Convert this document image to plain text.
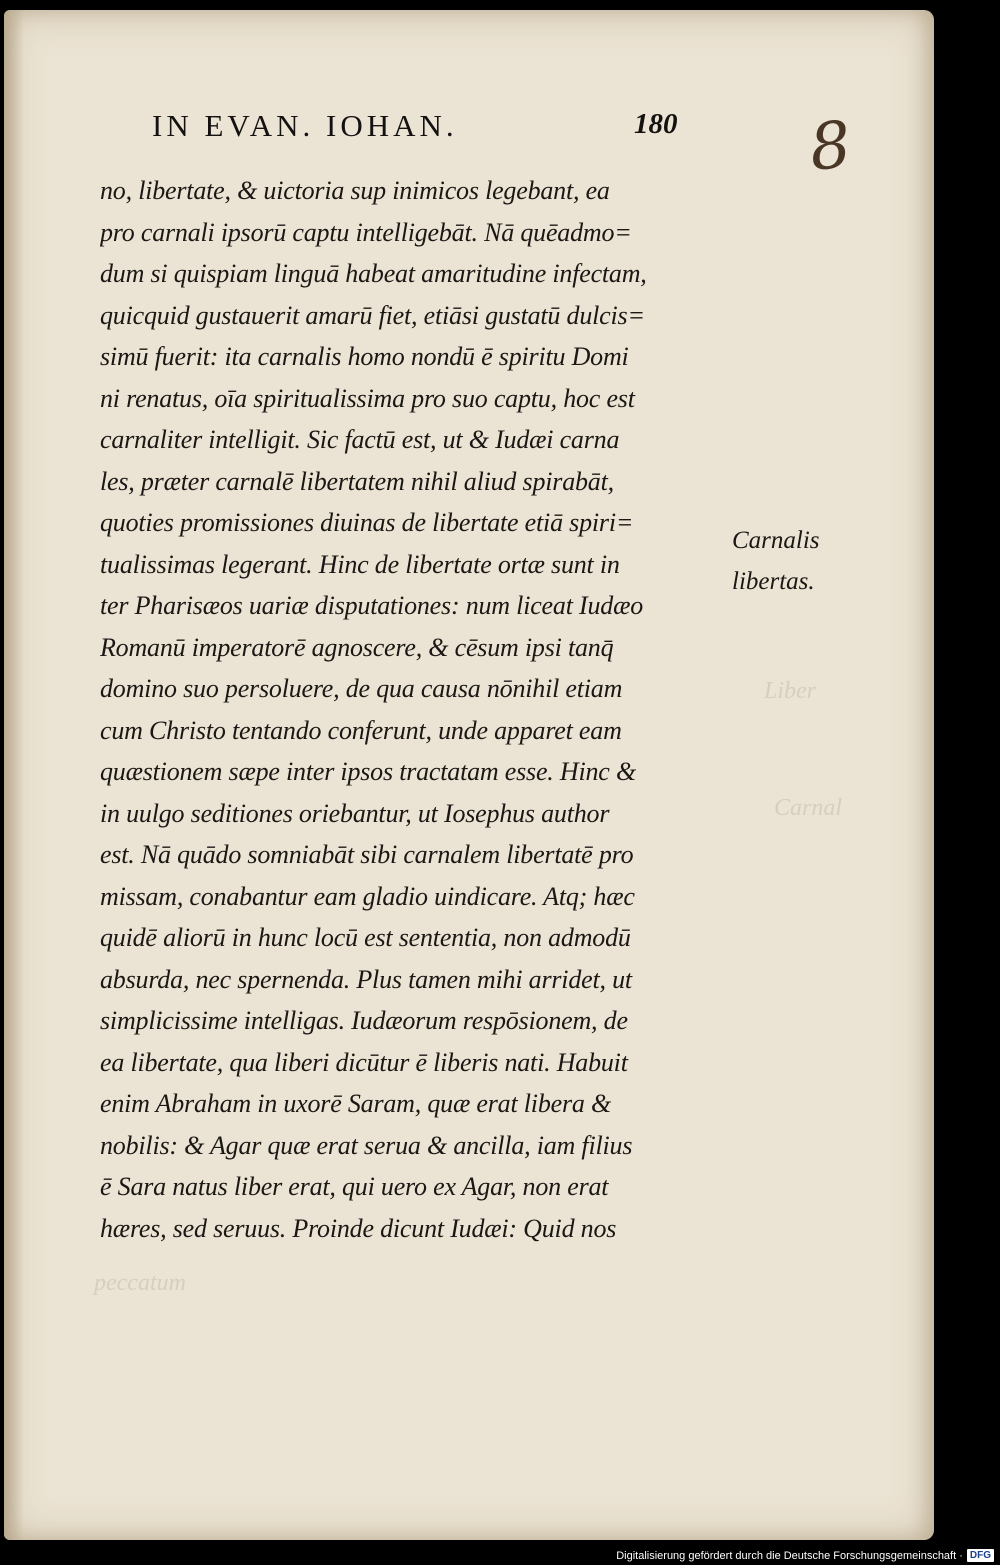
IN EVAN. IOHAN.	180 8
Liber
Carnal
peccatum
no, libertate, & uictoria sup inimicos legebant, ea
pro carnali ipsorū captu intelligebāt. Nā quēadmo=
dum si quispiam linguā habeat amaritudine infectam,
quicquid gustauerit amarū fiet, etiāsi gustatū dulcis=
simū fuerit: ita carnalis homo nondū ē spiritu Domi
ni renatus, oīa spiritualissima pro suo captu, hoc est
carnaliter intelligit. Sic factū est, ut & Iudæi carna
les, præter carnalē libertatem nihil aliud spirabāt,
quoties promissiones diuinas de libertate etiā spiri=
tualissimas legerant. Hinc de libertate ortæ sunt in
ter Pharisæos uariæ disputationes: num liceat Iudæo
Romanū imperatorē agnoscere, & cēsum ipsi tanq̄
domino suo persoluere, de qua causa nōnihil etiam
cum Christo tentando conferunt, unde apparet eam
quæstionem sæpe inter ipsos tractatam esse. Hinc &
in uulgo seditiones oriebantur, ut Iosephus author
est. Nā quādo somniabāt sibi carnalem libertatē pro
missam, conabantur eam gladio uindicare. Atq; hæc
quidē aliorū in hunc locū est sententia, non admodū
absurda, nec spernenda. Plus tamen mihi arridet, ut
simplicissime intelligas. Iudæorum respōsionem, de
ea libertate, qua liberi dicūtur ē liberis nati. Habuit
enim Abraham in uxorē Saram, quæ erat libera &
nobilis: & Agar quæ erat serua & ancilla, iam filius
ē Sara natus liber erat, qui uero ex Agar, non erat
hæres, sed seruus. Proinde dicunt Iudæi: Quid nos
Carnalis
libertas.
Digitalisierung gefördert durch die Deutsche Forschungsgemeinschaft · DFG
